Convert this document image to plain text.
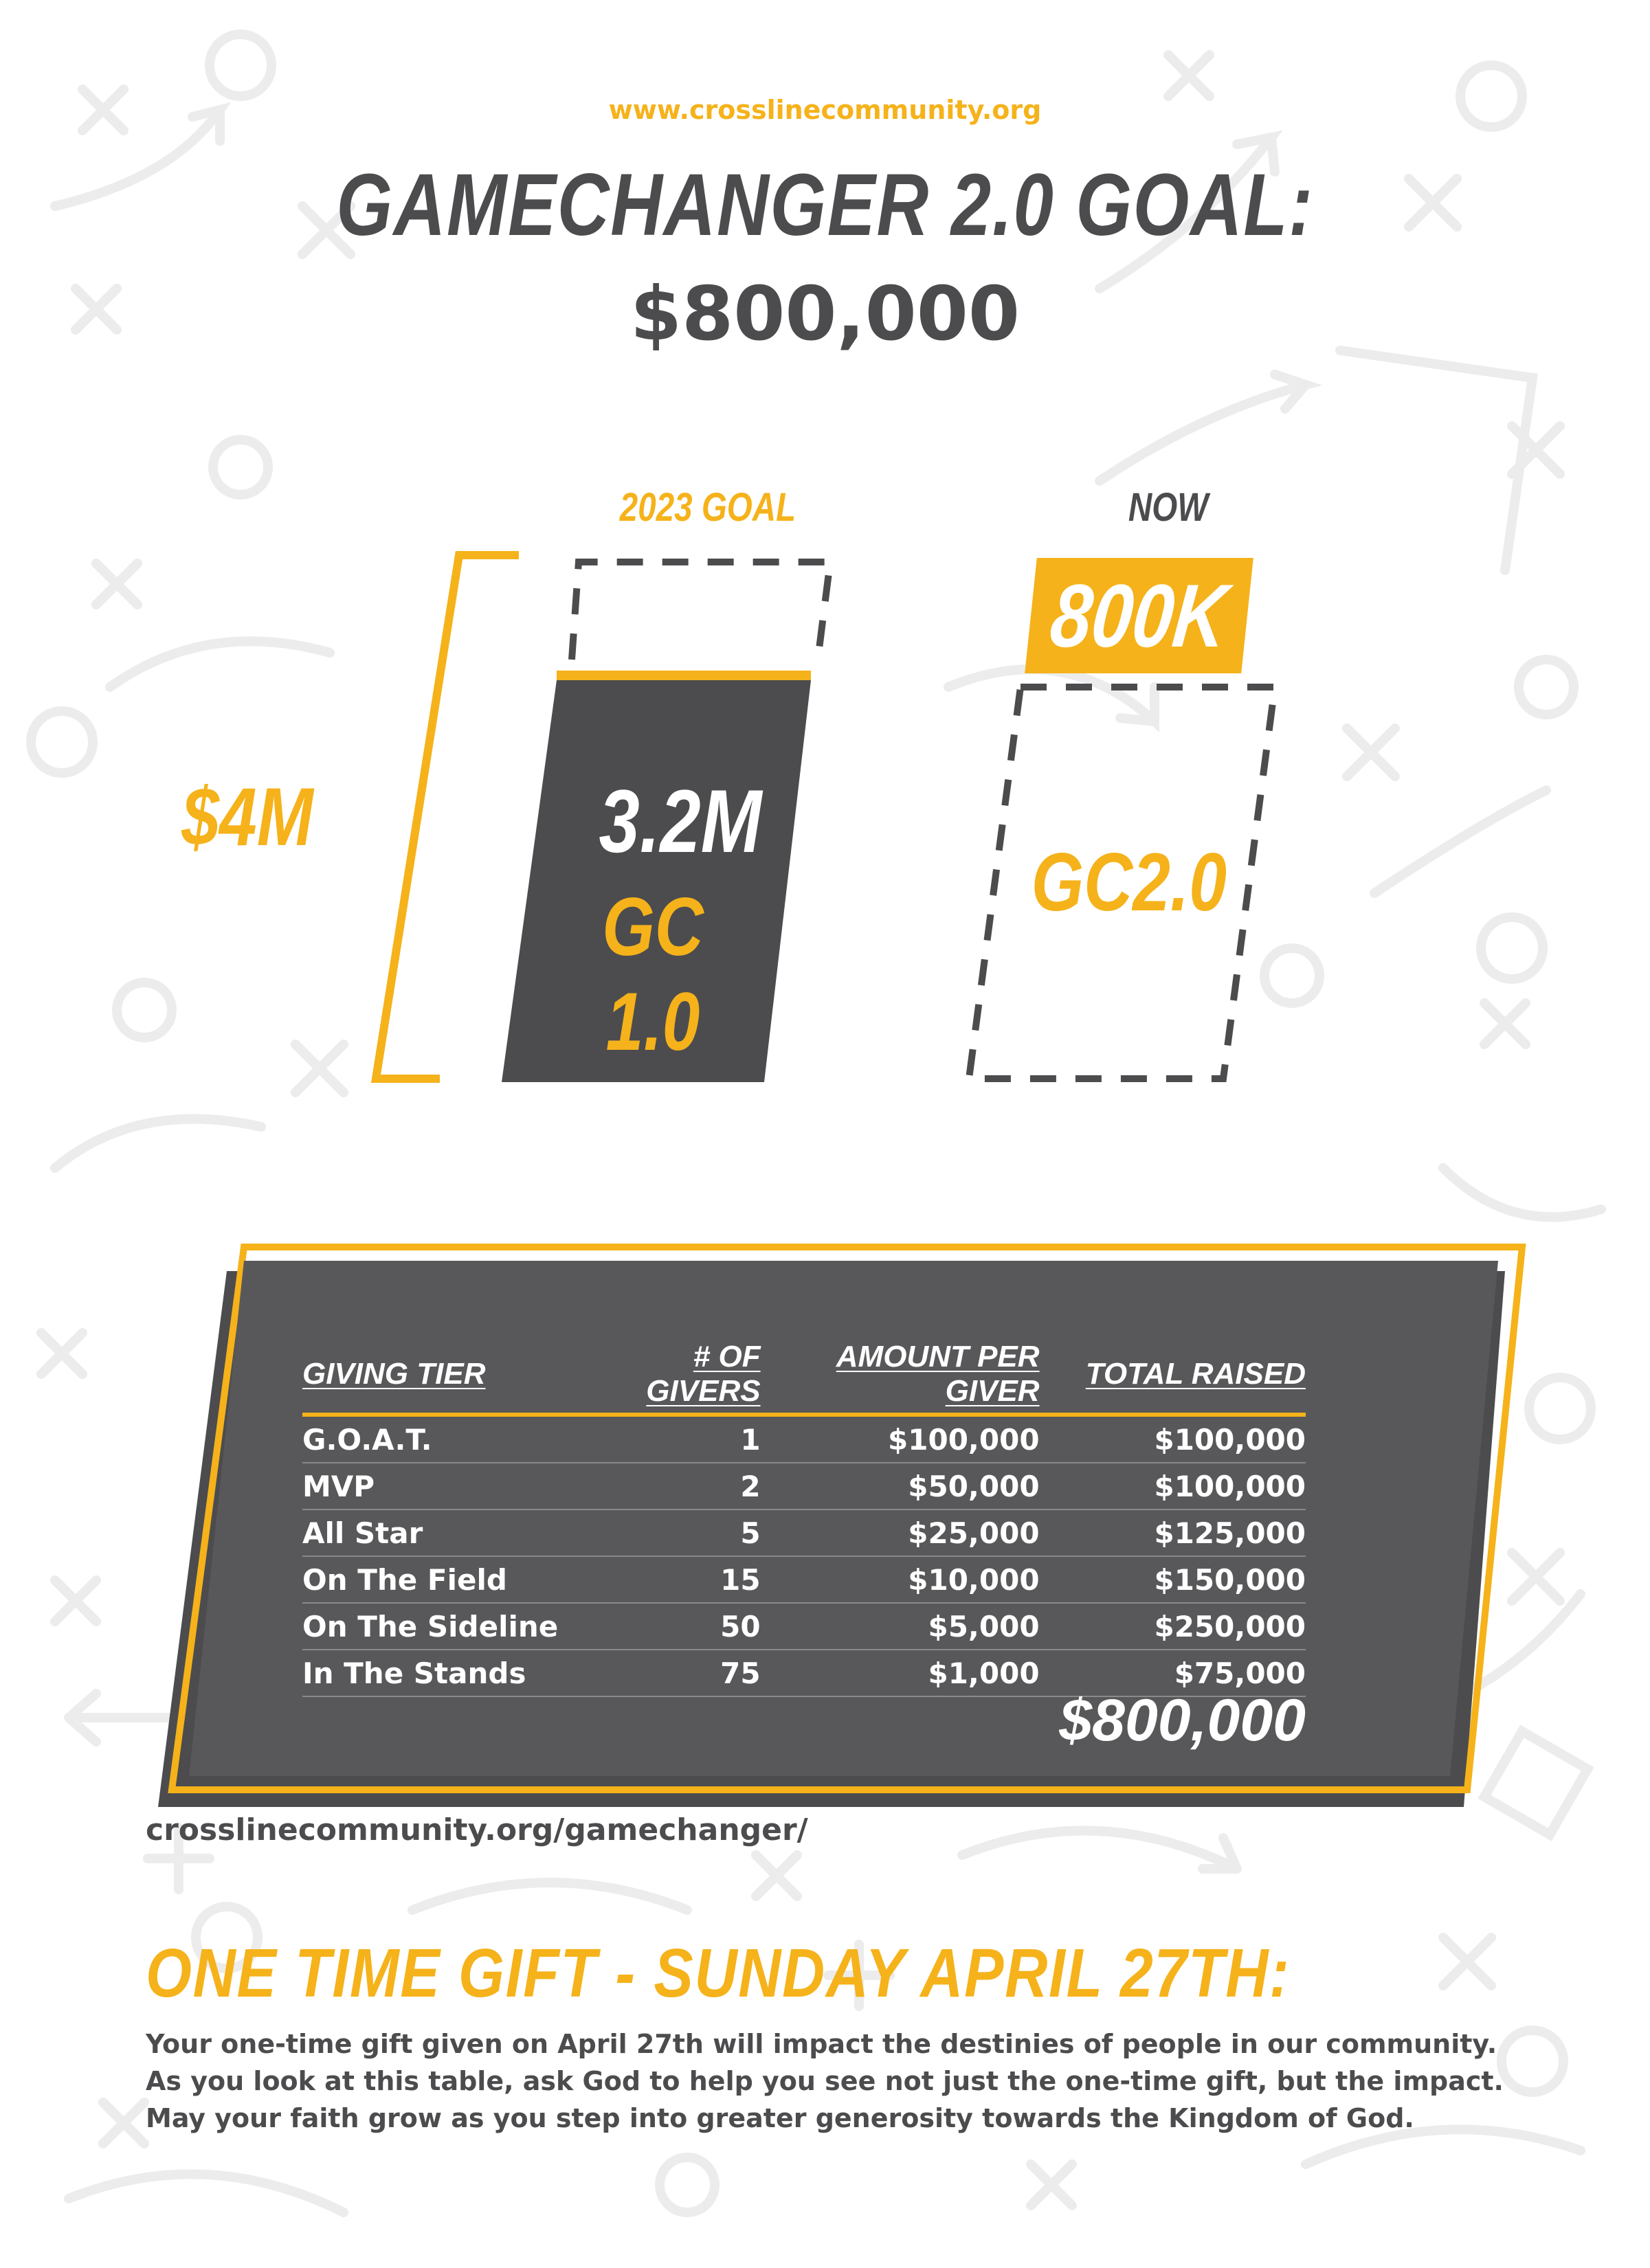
www.crosslinecommunity.org
GAMECHANGER 2.0 GOAL:
$800,000
2023 GOAL	NOW
$4M	3.2M
GC 1.0
800K
GC2.0
GIVING TIER	# OF GIVERS	AMOUNT PER GIVER	TOTAL RAISED
G.O.A.T.	1	$100,000	$100,000
MVP	2	$50,000	$100,000
All Star	5	$25,000	$125,000
On The Field	15	$10,000	$150,000
On The Sideline	50	$5,000	$250,000
In The Stands	75	$1,000	$75,000
$800,000
crosslinecommunity.org/gamechanger/
ONE TIME GIFT - SUNDAY APRIL 27TH:
Your one-time gift given on April 27th will impact the destinies of people in our community.
As you look at this table, ask God to help you see not just the one-time gift, but the impact.
May your faith grow as you step into greater generosity towards the Kingdom of God.
